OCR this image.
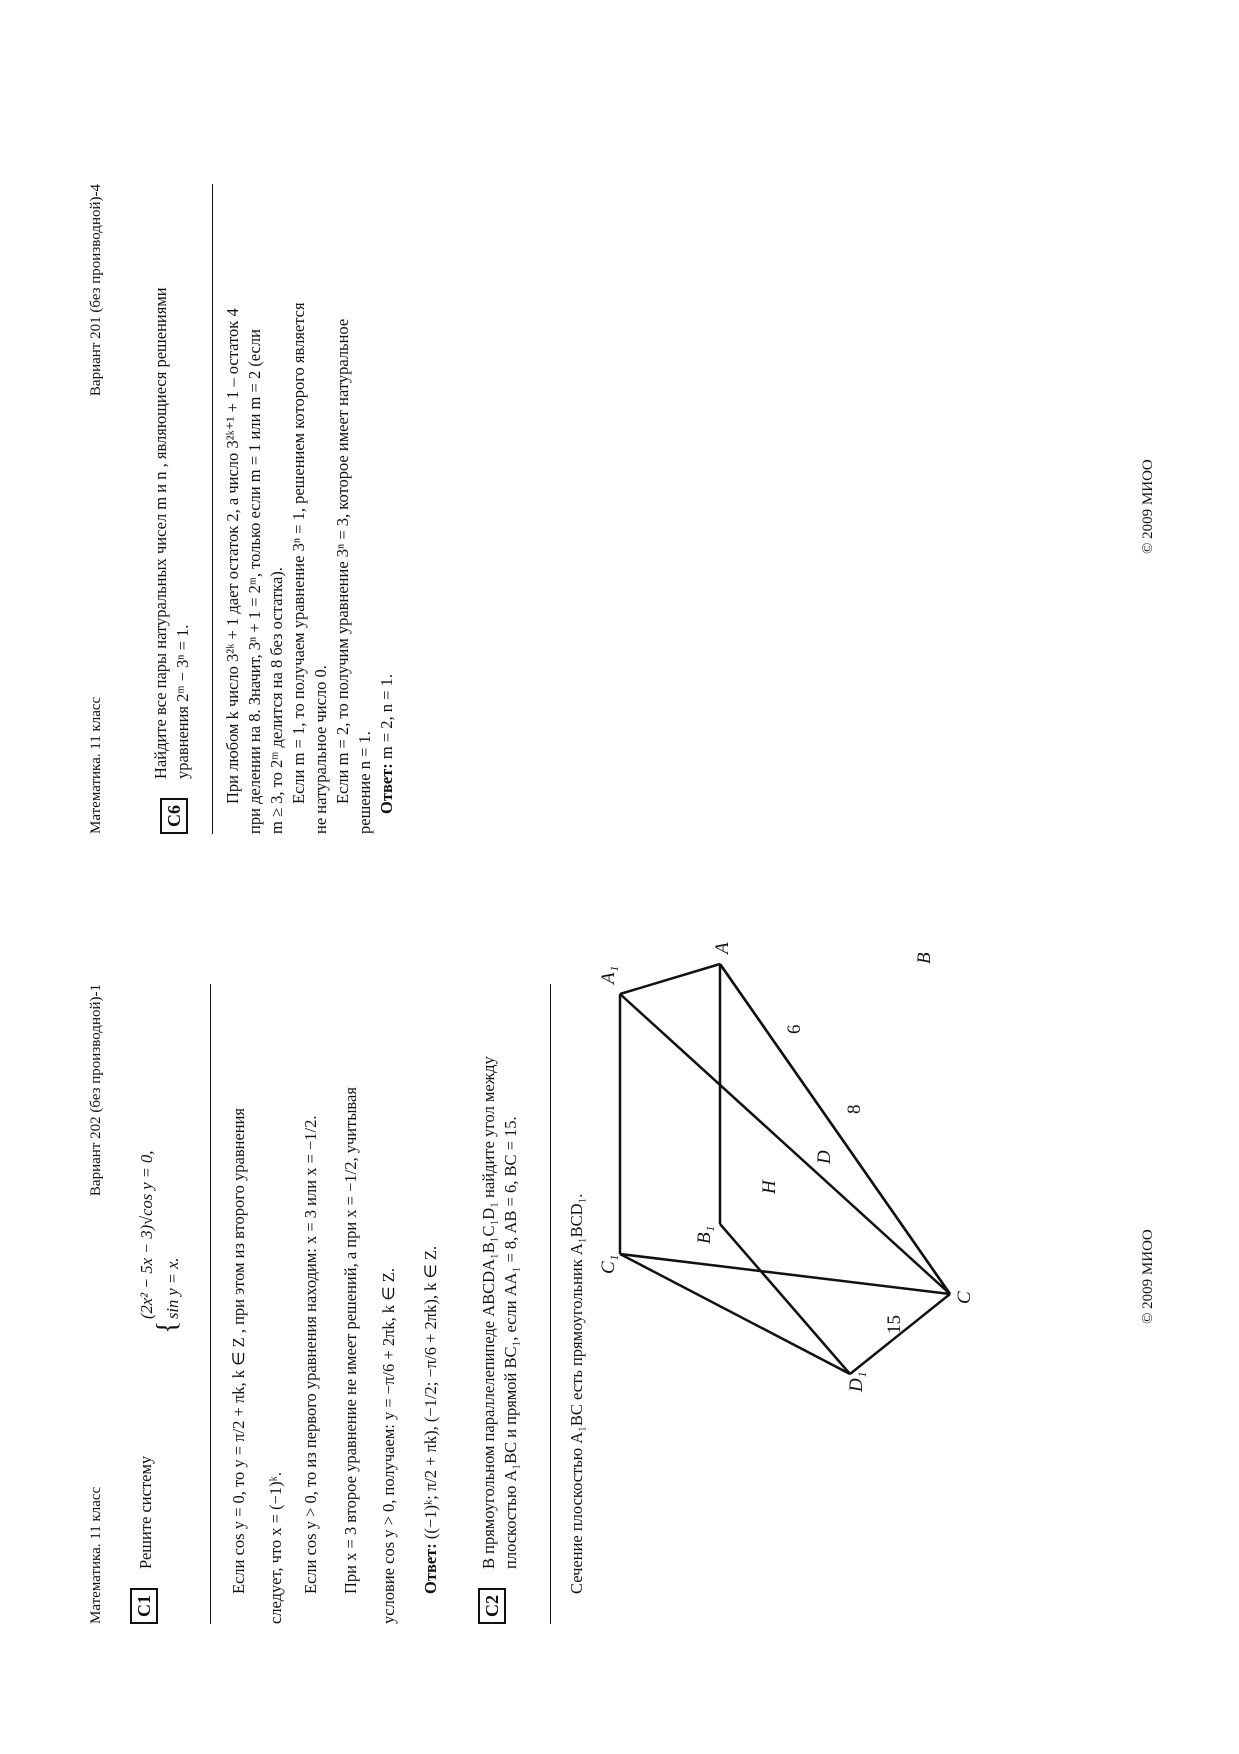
Математика. 11 класс
Вариант 202 (без производной)-1
C1
Решите систему
{
(2x² − 5x − 3)√cos y = 0, sin y = x.	Если cos y = 0, то y = π/2 + πk, k ∈ Z , при этом из второго уравнения следует, что x = (−1)ᵏ. Если cos y > 0, то из первого уравнения находим: x = 3 или x = −1/2. При x = 3 второе уравнение не имеет решений, а при x = −1/2, учитывая условие cos y > 0, получаем: y = −π/6 + 2πk, k ∈ Z. Ответ: ((−1)ᵏ; π/2 + πk), (−1/2; −π/6 + 2πk), k ∈ Z.
C2
В прямоугольном параллелепипеде ABCDA₁B₁C₁D₁ найдите угол между плоскостью A₁BC и прямой BC₁, если AA₁ = 8, AB = 6, BC = 15.	Сечение плоскостью A₁BC есть прямоугольник A₁BCD₁.	D₁
B₁
A₁
A
C₁
C
H
D
B
8
6
15
© 2009 МИОО
Математика. 11 класс
Вариант 201 (без производной)-4
C6
Найдите все пары натуральных чисел m и n , являющиеся решениями уравнения 2ᵐ − 3ⁿ = 1. При любом k число 3²ᵏ + 1 дает остаток 2, а число 3²ᵏ⁺¹ + 1 – остаток 4 при делении на 8. Значит, 3ⁿ + 1 = 2ᵐ, только если m = 1 или m = 2 (если m ≥ 3, то 2ᵐ делится на 8 без остатка). Если m = 1, то получаем уравнение 3ⁿ = 1, решением которого является не натуральное число 0. Если m = 2, то получим уравнение 3ⁿ = 3, которое имеет натуральное решение n = 1. Ответ: m = 2, n = 1.
© 2009 МИОО
